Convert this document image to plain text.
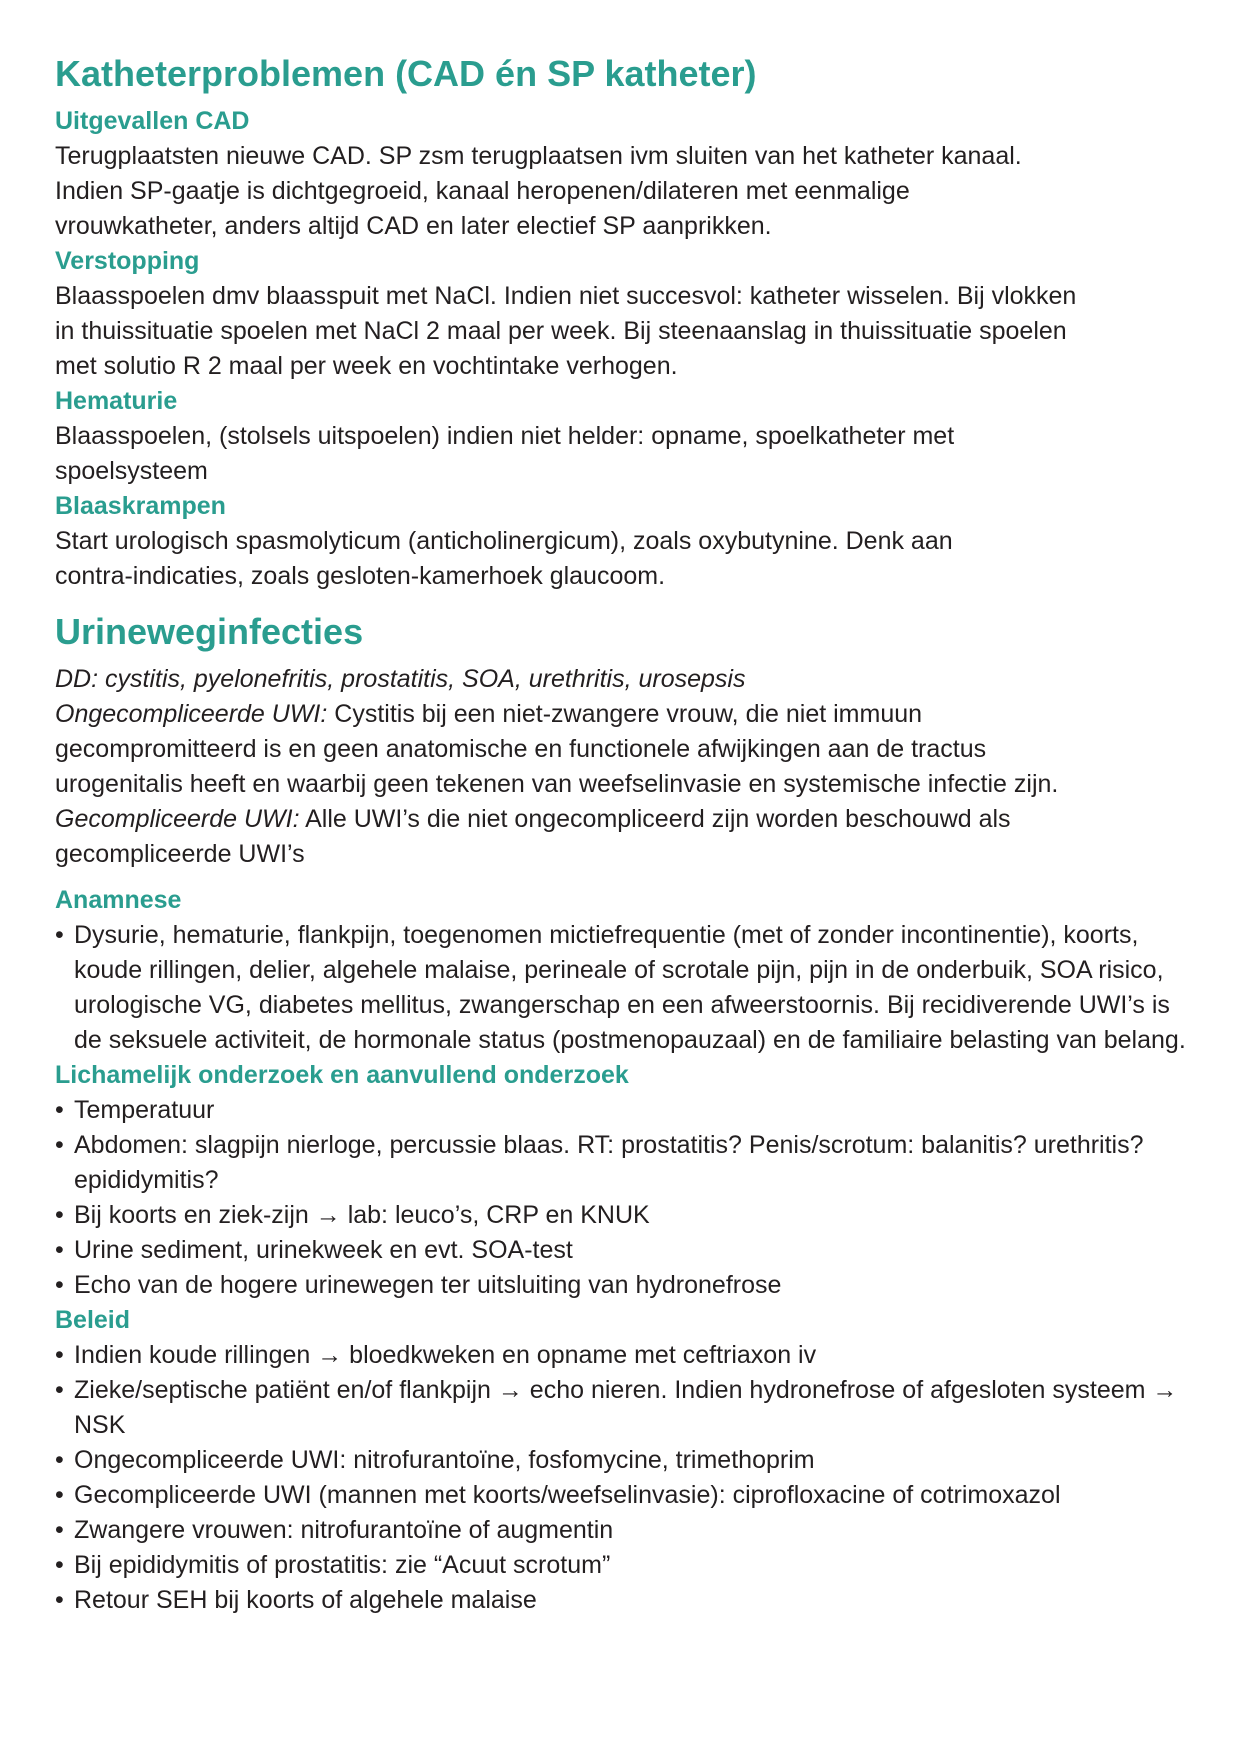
Katheterproblemen (CAD én SP katheter)
Uitgevallen CAD

Terugplaatsten nieuwe CAD. SP zsm terugplaatsen ivm sluiten van het katheter kanaal.
Indien SP-gaatje is dichtgegroeid, kanaal heropenen/dilateren met eenmalige
vrouwkatheter, anders altijd CAD en later electief SP aanprikken.

Verstopping

Blaasspoelen dmv blaasspuit met NaCl. Indien niet succesvol: katheter wisselen. Bij vlokken
in thuissituatie spoelen met NaCl 2 maal per week. Bij steenaanslag in thuissituatie spoelen
met solutio R 2 maal per week en vochtintake verhogen.

Hematurie

Blaasspoelen, (stolsels uitspoelen) indien niet helder: opname, spoelkatheter met
spoelsysteem

Blaaskrampen

Start urologisch spasmolyticum (anticholinergicum), zoals oxybutynine. Denk aan
contra-indicaties, zoals gesloten-kamerhoek glaucoom.

Urineweginfecties

DD: cystitis, pyelonefritis, prostatitis, SOA, urethritis, urosepsis
Ongecompliceerde UWI: Cystitis bij een niet-zwangere vrouw, die niet immuun
gecompromitteerd is en geen anatomische en functionele afwijkingen aan de tractus
urogenitalis heeft en waarbij geen tekenen van weefselinvasie en systemische infectie zijn.
Gecompliceerde UWI: Alle UWI’s die niet ongecompliceerd zijn worden beschouwd als
gecompliceerde UWI’s

Anamnese
• Dysurie, hematurie, flankpijn, toegenomen mictiefrequentie (met of zonder incontinentie), koorts, koude rillingen, delier, algehele malaise, perineale of scrotale pijn, pijn in de onderbuik, SOA risico, urologische VG, diabetes mellitus, zwangerschap en een afweerstoornis. Bij recidiverende UWI’s is de seksuele activiteit, de hormonale status (postmenopauzaal) en de familiaire belasting van belang.
Lichamelijk onderzoek en aanvullend onderzoek
• Temperatuur
• Abdomen: slagpijn nierloge, percussie blaas. RT: prostatitis? Penis/scrotum: balanitis? urethritis? epididymitis?
• Bij koorts en ziek-zijn → lab: leuco’s, CRP en KNUK
• Urine sediment, urinekweek en evt. SOA-test
• Echo van de hogere urinewegen ter uitsluiting van hydronefrose
Beleid
• Indien koude rillingen → bloedkweken en opname met ceftriaxon iv
• Zieke/septische patiënt en/of flankpijn → echo nieren. Indien hydronefrose of afgesloten systeem → NSK
• Ongecompliceerde UWI: nitrofurantoïne, fosfomycine, trimethoprim
• Gecompliceerde UWI (mannen met koorts/weefselinvasie): ciprofloxacine of cotrimoxazol
• Zwangere vrouwen: nitrofurantoïne of augmentin
• Bij epididymitis of prostatitis: zie “Acuut scrotum”
• Retour SEH bij koorts of algehele malaise
